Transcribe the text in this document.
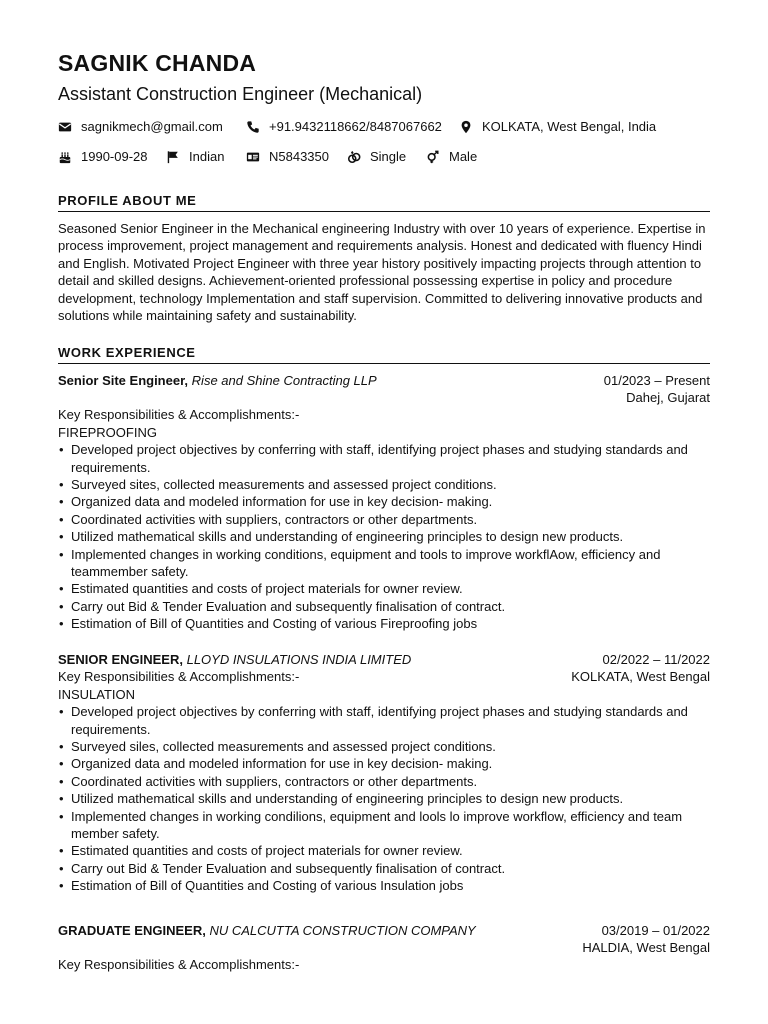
SAGNIK CHANDA
Assistant Construction Engineer (Mechanical)
sagnikmech@gmail.com	+91.9432118662/8487067662	KOLKATA, West Bengal, India
1990-09-28	Indian	N5843350	Single	Male
PROFILE ABOUT ME
Seasoned Senior Engineer in the Mechanical engineering Industry with over 10 years of experience. Expertise in process improvement, project management and requirements analysis. Honest and dedicated with fluency Hindi and English. Motivated Project Engineer with three year history positively impacting projects through attention to detail and skilled designs. Achievement-oriented professional possessing expertise in policy and procedure development, technology Implementation and staff supervision. Committed to delivering innovative products and solutions while maintaining safety and sustainability.
WORK EXPERIENCE
Senior Site Engineer, Rise and Shine Contracting LLP	01/2023 – Present
Dahej, Gujarat
Key Responsibilities & Accomplishments:-
FIREPROOFING
• Developed project objectives by conferring with staff, identifying project phases and studying standards and requirements.
• Surveyed sites, collected measurements and assessed project conditions.
• Organized data and modeled information for use in key decision- making.
• Coordinated activities with suppliers, contractors or other departments.
• Utilized mathematical skills and understanding of engineering principles to design new products.
• Implemented changes in working conditions, equipment and tools to improve workflAow, efficiency and teammember safety.
• Estimated quantities and costs of project materials for owner review.
• Carry out Bid & Tender Evaluation and subsequently finalisation of contract.
• Estimation of Bill of Quantities and Costing of various Fireproofing jobs
SENIOR ENGINEER, LLOYD INSULATIONS INDIA LIMITED	02/2022 – 11/2022
KOLKATA, West Bengal
Key Responsibilities & Accomplishments:-
INSULATION
• Developed project objectives by conferring with staff, identifying project phases and studying standards and requirements.
• Surveyed siles, collected measurements and assessed project conditions.
• Organized data and modeled information for use in key decision- making.
• Coordinated activities with suppliers, contractors or other departments.
• Utilized mathematical skills and understanding of engineering principles to design new products.
• Implemented changes in working condilions, equipment and lools lo improve workflow, efficiency and team member safety.
• Estimated quantities and costs of project materials for owner review.
• Carry out Bid & Tender Evaluation and subsequently finalisation of contract.
• Estimation of Bill of Quantities and Costing of various Insulation jobs
GRADUATE ENGINEER, NU CALCUTTA CONSTRUCTION COMPANY	03/2019 – 01/2022
HALDIA, West Bengal
Key Responsibilities & Accomplishments:-
